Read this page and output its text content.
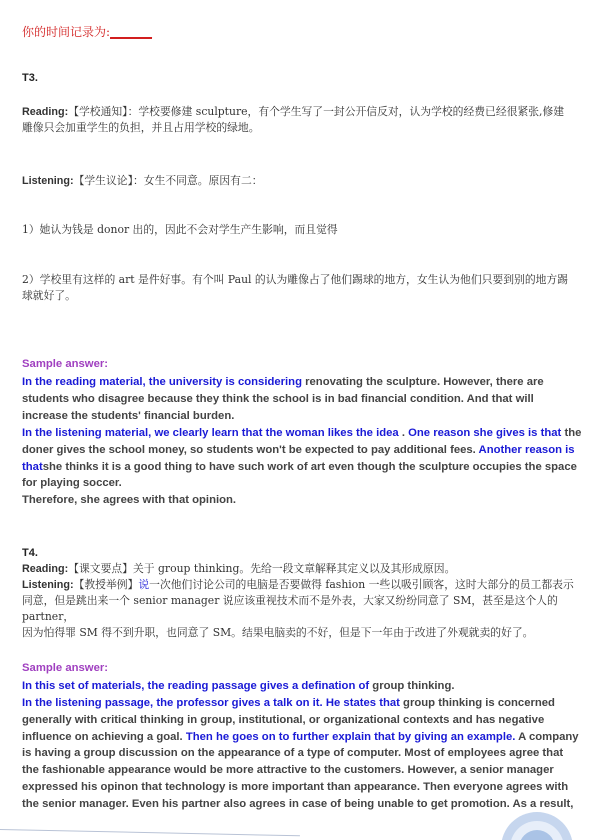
你的时间记录为:_______
T3.
Reading:【学校通知】：学校要修建 sculpture，有个学生写了一封公开信反对，认为学校的经费已经很紧张,修建
雕像只会加重学生的负担，并且占用学校的绿地。
Listening:【学生议论】：女生不同意。原因有二：
1）她认为钱是 donor 出的，因此不会对学生产生影响，而且觉得
2）学校里有这样的 art 是件好事。有个叫 Paul 的认为雕像占了他们踢球的地方，女生认为他们只要到别的地方踢
球就好了。
Sample answer:
In the reading material, the university is considering renovating the sculpture. However, there are students who disagree because they think the school is in bad financial condition. And that will increase the students' financial burden.
In the listening material, we clearly learn that the woman likes the idea . One reason she gives is that the doner gives the school money, so students won't be expected to pay additional fees. Another reason is thatshe thinks it is a good thing to have such work of art even though the sculpture occupies the space for playing soccer.
Therefore, she agrees with that opinion.
T4.
Reading:【课文要点】关于 group thinking。先给一段文章解释其定义以及其形成原因。
Listening:【教授举例】说一次他们讨论公司的电脑是否要做得 fashion 一些以吸引顾客，这时大部分的员工都表示
同意，但是跳出来一个 senior manager 说应该重视技术而不是外表，大家又纷纷同意了 SM，甚至是这个人的 partner，
因为怕得罪 SM 得不到升职，也同意了 SM。结果电脑卖的不好，但是下一年由于改进了外观就卖的好了。
Sample answer:
In this set of materials, the reading passage gives a defination of group thinking.
In the listening passage, the professor gives a talk on it. He states that group thinking is concerned generally with critical thinking in group, institutional, or organizational contexts and has negative influence on achieving a goal. Then he goes on to further explain that by giving an example. A company is having a group discussion on the appearance of a type of computer. Most of employees agree that the fashionable appearance would be more attractive to the customers. However, a senior manager expressed his opinon that technology is more important than appearance. Then everyone agrees with the senior manager. Even his partner also agrees in case of being unable to get promotion. As a result,
